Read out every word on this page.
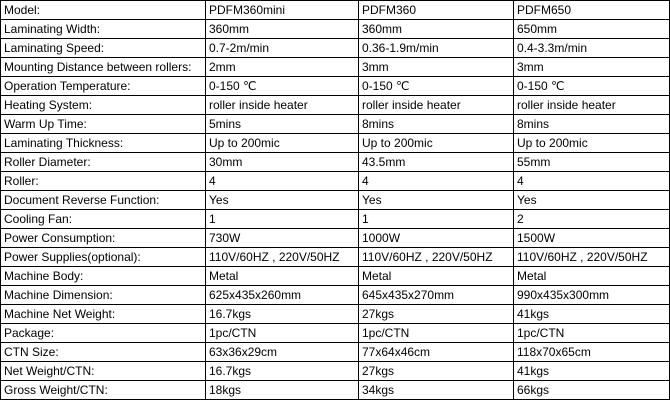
Model:	PDFM360mini	PDFM360	PDFM650
Laminating Width:	360mm	360mm	650mm
Laminating Speed:	0.7-2m/min	0.36-1.9m/min	0.4-3.3m/min
Mounting Distance between rollers:	2mm	3mm	3mm
Operation Temperature:	0-150 ℃	0-150 ℃	0-150 ℃
Heating System:	roller inside heater	roller inside heater	roller inside heater
Warm Up Time:	5mins	8mins	8mins
Laminating Thickness:	Up to 200mic	Up to 200mic	Up to 200mic
Roller Diameter:	30mm	43.5mm	55mm
Roller:	4	4	4
Document Reverse Function:	Yes	Yes	Yes
Cooling Fan:	1	1	2
Power Consumption:	730W	1000W	1500W
Power Supplies(optional):	110V/60HZ , 220V/50HZ	110V/60HZ , 220V/50HZ	110V/60HZ , 220V/50HZ
Machine Body:	Metal	Metal	Metal
Machine Dimension:	625x435x260mm	645x435x270mm	990x435x300mm
Machine Net Weight:	16.7kgs	27kgs	41kgs
Package:	1pc/CTN	1pc/CTN	1pc/CTN
CTN Size:	63x36x29cm	77x64x46cm	118x70x65cm
Net Weight/CTN:	16.7kgs	27kgs	41kgs
Gross Weight/CTN:	18kgs	34kgs	66kgs
